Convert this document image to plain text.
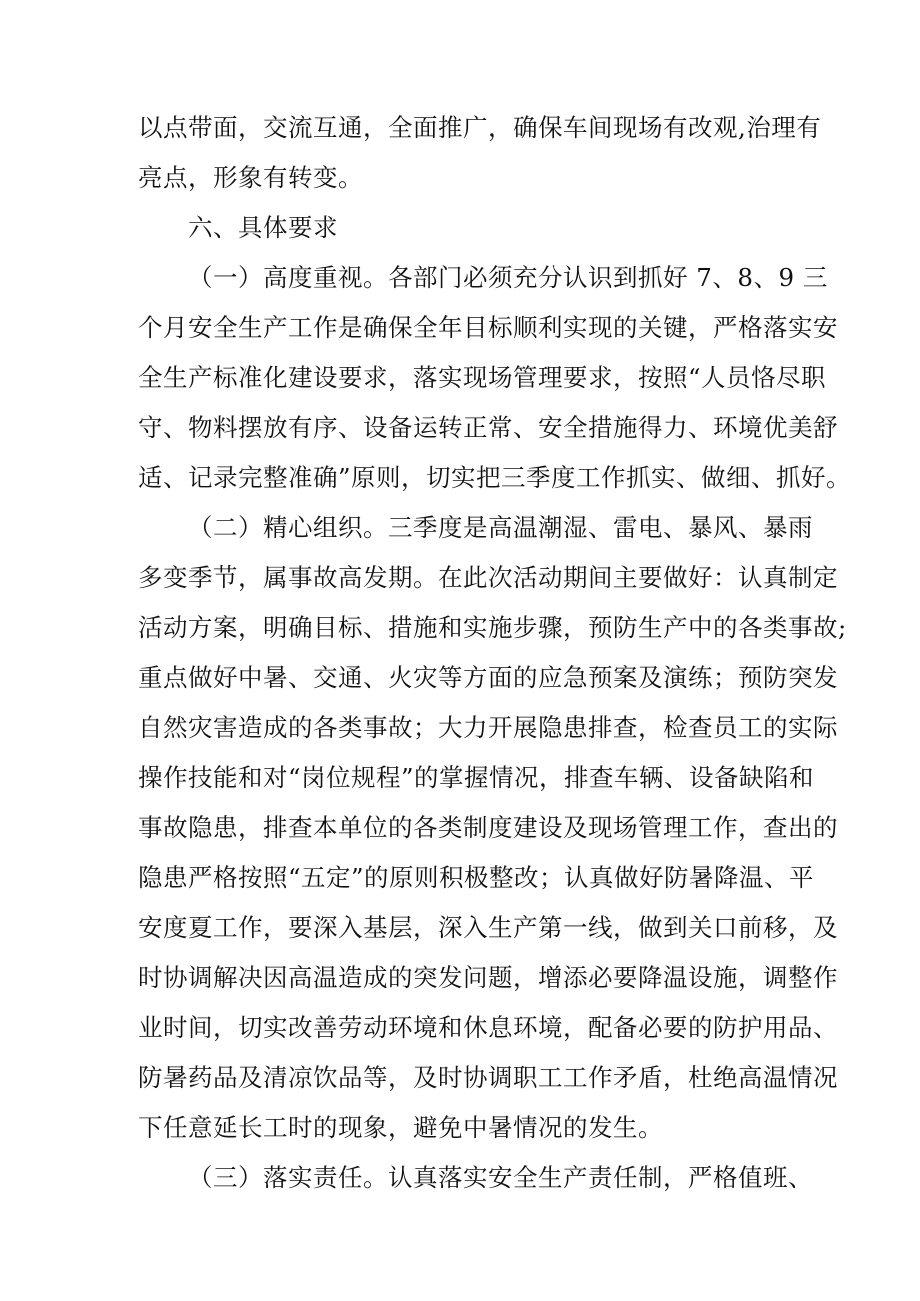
以点带面，交流互通，全面推广，确保车间现场有改观,治理有
亮点，形象有转变。
六、具体要求
（一）高度重视。各部门必须充分认识到抓好 7、8、9 三
个月安全生产工作是确保全年目标顺利实现的关键，严格落实安
全生产标准化建设要求，落实现场管理要求，按照“人员恪尽职
守、物料摆放有序、设备运转正常、安全措施得力、环境优美舒
适、记录完整准确”原则，切实把三季度工作抓实、做细、抓好。
（二）精心组织。三季度是高温潮湿、雷电、暴风、暴雨
多变季节，属事故高发期。在此次活动期间主要做好：认真制定
活动方案，明确目标、措施和实施步骤，预防生产中的各类事故;
重点做好中暑、交通、火灾等方面的应急预案及演练；预防突发
自然灾害造成的各类事故；大力开展隐患排查，检查员工的实际
操作技能和对“岗位规程”的掌握情况，排查车辆、设备缺陷和
事故隐患，排查本单位的各类制度建设及现场管理工作，查出的
隐患严格按照“五定”的原则积极整改；认真做好防暑降温、平
安度夏工作，要深入基层，深入生产第一线，做到关口前移，及
时协调解决因高温造成的突发问题，增添必要降温设施，调整作
业时间，切实改善劳动环境和休息环境，配备必要的防护用品、
防暑药品及清凉饮品等，及时协调职工工作矛盾，杜绝高温情况
下任意延长工时的现象，避免中暑情况的发生。
（三）落实责任。认真落实安全生产责任制，严格值班、
